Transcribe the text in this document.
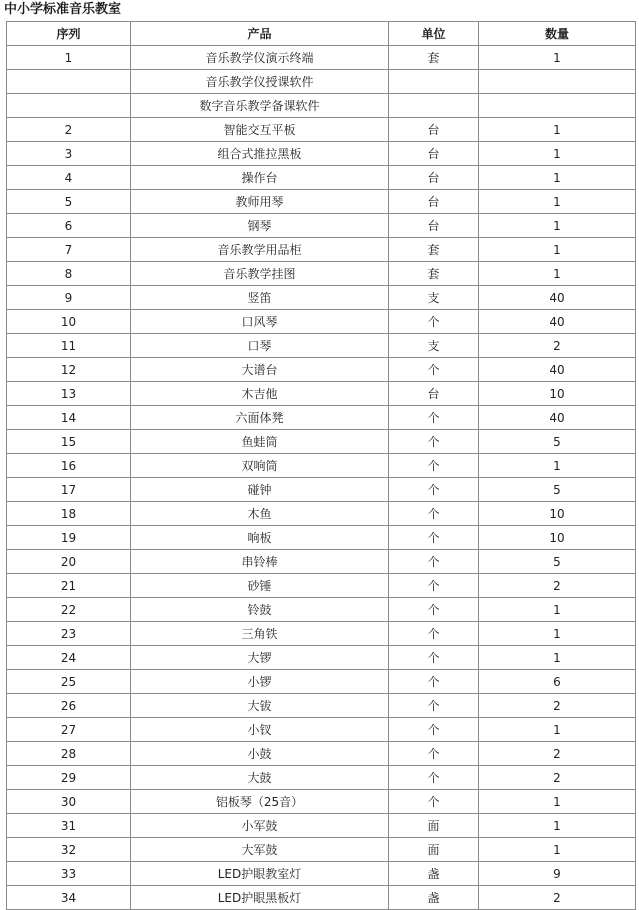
中小学标准音乐教室
序列	产品	单位	数量
1	音乐教学仪演示终端	套	1
	音乐教学仪授课软件		
	数字音乐教学备课软件		
2	智能交互平板	台	1
3	组合式推拉黑板	台	1
4	操作台	台	1
5	教师用琴	台	1
6	钢琴	台	1
7	音乐教学用品柜	套	1
8	音乐教学挂图	套	1
9	竖笛	支	40
10	口风琴	个	40
11	口琴	支	2
12	大谱台	个	40
13	木吉他	台	10
14	六面体凳	个	40
15	鱼蛙筒	个	5
16	双响筒	个	1
17	碰钟	个	5
18	木鱼	个	10
19	响板	个	10
20	串铃棒	个	5
21	砂锤	个	2
22	铃鼓	个	1
23	三角铁	个	1
24	大锣	个	1
25	小锣	个	6
26	大钹	个	2
27	小钗	个	1
28	小鼓	个	2
29	大鼓	个	2
30	铝板琴（25音）	个	1
31	小军鼓	面	1
32	大军鼓	面	1
33	LED护眼教室灯	盏	9
34	LED护眼黑板灯	盏	2
